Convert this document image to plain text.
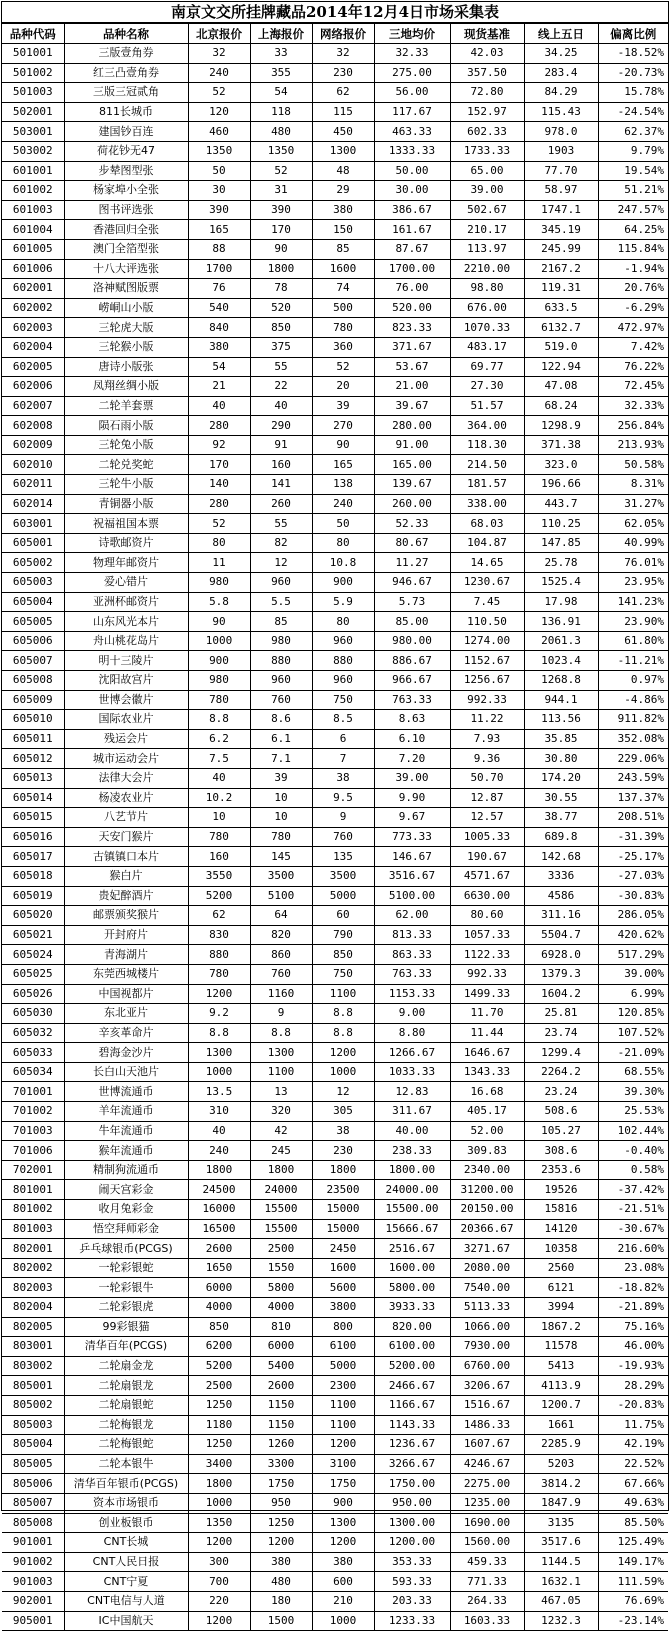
南京文交所挂牌藏品2014年12月4日市场采集表
品种代码	品种名称	北京报价	上海报价	网络报价	三地均价	现货基准	线上五日	偏离比例
501001	三版壹角券	32	33	32	32.33	42.03	34.25	-18.52%
501002	红三凸壹角券	240	355	230	275.00	357.50	283.4	-20.73%
501003	三版三冠贰角	52	54	62	56.00	72.80	84.29	15.78%
502001	811长城币	120	118	115	117.67	152.97	115.43	-24.54%
503001	建国钞百连	460	480	450	463.33	602.33	978.0	62.37%
503002	荷花钞无47	1350	1350	1300	1333.33	1733.33	1903	9.79%
601001	步辇图型张	50	52	48	50.00	65.00	77.70	19.54%
601002	杨家埠小全张	30	31	29	30.00	39.00	58.97	51.21%
601003	图书评选张	390	390	380	386.67	502.67	1747.1	247.57%
601004	香港回归全张	165	170	150	161.67	210.17	345.19	64.25%
601005	澳门全箔型张	88	90	85	87.67	113.97	245.99	115.84%
601006	十八大评选张	1700	1800	1600	1700.00	2210.00	2167.2	-1.94%
602001	洛神赋图版票	76	78	74	76.00	98.80	119.31	20.76%
602002	崂峒山小版	540	520	500	520.00	676.00	633.5	-6.29%
602003	三轮虎大版	840	850	780	823.33	1070.33	6132.7	472.97%
602004	三轮猴小版	380	375	360	371.67	483.17	519.0	7.42%
602005	唐诗小版张	54	55	52	53.67	69.77	122.94	76.22%
602006	凤翔丝绸小版	21	22	20	21.00	27.30	47.08	72.45%
602007	二轮羊套票	40	40	39	39.67	51.57	68.24	32.33%
602008	陨石雨小版	280	290	270	280.00	364.00	1298.9	256.84%
602009	三轮兔小版	92	91	90	91.00	118.30	371.38	213.93%
602010	二轮兑奖蛇	170	160	165	165.00	214.50	323.0	50.58%
602011	三轮牛小版	140	141	138	139.67	181.57	196.66	8.31%
602014	青铜器小版	280	260	240	260.00	338.00	443.7	31.27%
603001	祝福祖国本票	52	55	50	52.33	68.03	110.25	62.05%
605001	诗歌邮资片	80	82	80	80.67	104.87	147.85	40.99%
605002	物理年邮资片	11	12	10.8	11.27	14.65	25.78	76.01%
605003	爱心错片	980	960	900	946.67	1230.67	1525.4	23.95%
605004	亚洲杯邮资片	5.8	5.5	5.9	5.73	7.45	17.98	141.23%
605005	山东风光本片	90	85	80	85.00	110.50	136.91	23.90%
605006	舟山桃花岛片	1000	980	960	980.00	1274.00	2061.3	61.80%
605007	明十三陵片	900	880	880	886.67	1152.67	1023.4	-11.21%
605008	沈阳故宫片	980	960	960	966.67	1256.67	1268.8	0.97%
605009	世博会徽片	780	760	750	763.33	992.33	944.1	-4.86%
605010	国际农业片	8.8	8.6	8.5	8.63	11.22	113.56	911.82%
605011	残运会片	6.2	6.1	6	6.10	7.93	35.85	352.08%
605012	城市运动会片	7.5	7.1	7	7.20	9.36	30.80	229.06%
605013	法律大会片	40	39	38	39.00	50.70	174.20	243.59%
605014	杨凌农业片	10.2	10	9.5	9.90	12.87	30.55	137.37%
605015	八艺节片	10	10	9	9.67	12.57	38.77	208.51%
605016	天安门猴片	780	780	760	773.33	1005.33	689.8	-31.39%
605017	古镇镇口本片	160	145	135	146.67	190.67	142.68	-25.17%
605018	猴白片	3550	3500	3500	3516.67	4571.67	3336	-27.03%
605019	贵妃醉酒片	5200	5100	5000	5100.00	6630.00	4586	-30.83%
605020	邮票颁奖猴片	62	64	60	62.00	80.60	311.16	286.05%
605021	开封府片	830	820	790	813.33	1057.33	5504.7	420.62%
605024	青海湖片	880	860	850	863.33	1122.33	6928.0	517.29%
605025	东莞西城楼片	780	760	750	763.33	992.33	1379.3	39.00%
605026	中国视都片	1200	1160	1100	1153.33	1499.33	1604.2	6.99%
605030	东北亚片	9.2	9	8.8	9.00	11.70	25.81	120.85%
605032	辛亥革命片	8.8	8.8	8.8	8.80	11.44	23.74	107.52%
605033	碧海金沙片	1300	1300	1200	1266.67	1646.67	1299.4	-21.09%
605034	长白山天池片	1000	1100	1000	1033.33	1343.33	2264.2	68.55%
701001	世博流通币	13.5	13	12	12.83	16.68	23.24	39.30%
701002	羊年流通币	310	320	305	311.67	405.17	508.6	25.53%
701003	牛年流通币	40	42	38	40.00	52.00	105.27	102.44%
701006	猴年流通币	240	245	230	238.33	309.83	308.6	-0.40%
702001	精制狗流通币	1800	1800	1800	1800.00	2340.00	2353.6	0.58%
801001	闹天宫彩金	24500	24000	23500	24000.00	31200.00	19526	-37.42%
801002	收月兔彩金	16000	15500	15000	15500.00	20150.00	15816	-21.51%
801003	悟空拜师彩金	16500	15500	15000	15666.67	20366.67	14120	-30.67%
802001	乒乓球银币(PCGS)	2600	2500	2450	2516.67	3271.67	10358	216.60%
802002	一轮彩银蛇	1650	1550	1600	1600.00	2080.00	2560	23.08%
802003	一轮彩银牛	6000	5800	5600	5800.00	7540.00	6121	-18.82%
802004	二轮彩银虎	4000	4000	3800	3933.33	5113.33	3994	-21.89%
802005	99彩银猫	850	810	800	820.00	1066.00	1867.2	75.16%
803001	清华百年(PCGS)	6200	6000	6100	6100.00	7930.00	11578	46.00%
803002	二轮扇金龙	5200	5400	5000	5200.00	6760.00	5413	-19.93%
805001	二轮扇银龙	2500	2600	2300	2466.67	3206.67	4113.9	28.29%
805002	二轮扇银蛇	1250	1150	1100	1166.67	1516.67	1200.7	-20.83%
805003	二轮梅银龙	1180	1150	1100	1143.33	1486.33	1661	11.75%
805004	二轮梅银蛇	1250	1260	1200	1236.67	1607.67	2285.9	42.19%
805005	二轮本银牛	3400	3300	3100	3266.67	4246.67	5203	22.52%
805006	清华百年银币(PCGS)	1800	1750	1750	1750.00	2275.00	3814.2	67.66%
805007	资本市场银币	1000	950	900	950.00	1235.00	1847.9	49.63%
805008	创业板银币	1350	1250	1300	1300.00	1690.00	3135	85.50%
901001	CNT长城	1200	1200	1200	1200.00	1560.00	3517.6	125.49%
901002	CNT人民日报	300	380	380	353.33	459.33	1144.5	149.17%
901003	CNT宁夏	700	480	600	593.33	771.33	1632.1	111.59%
902001	CNT电信与人道	220	180	210	203.33	264.33	467.05	76.69%
905001	IC中国航天	1200	1500	1000	1233.33	1603.33	1232.3	-23.14%
